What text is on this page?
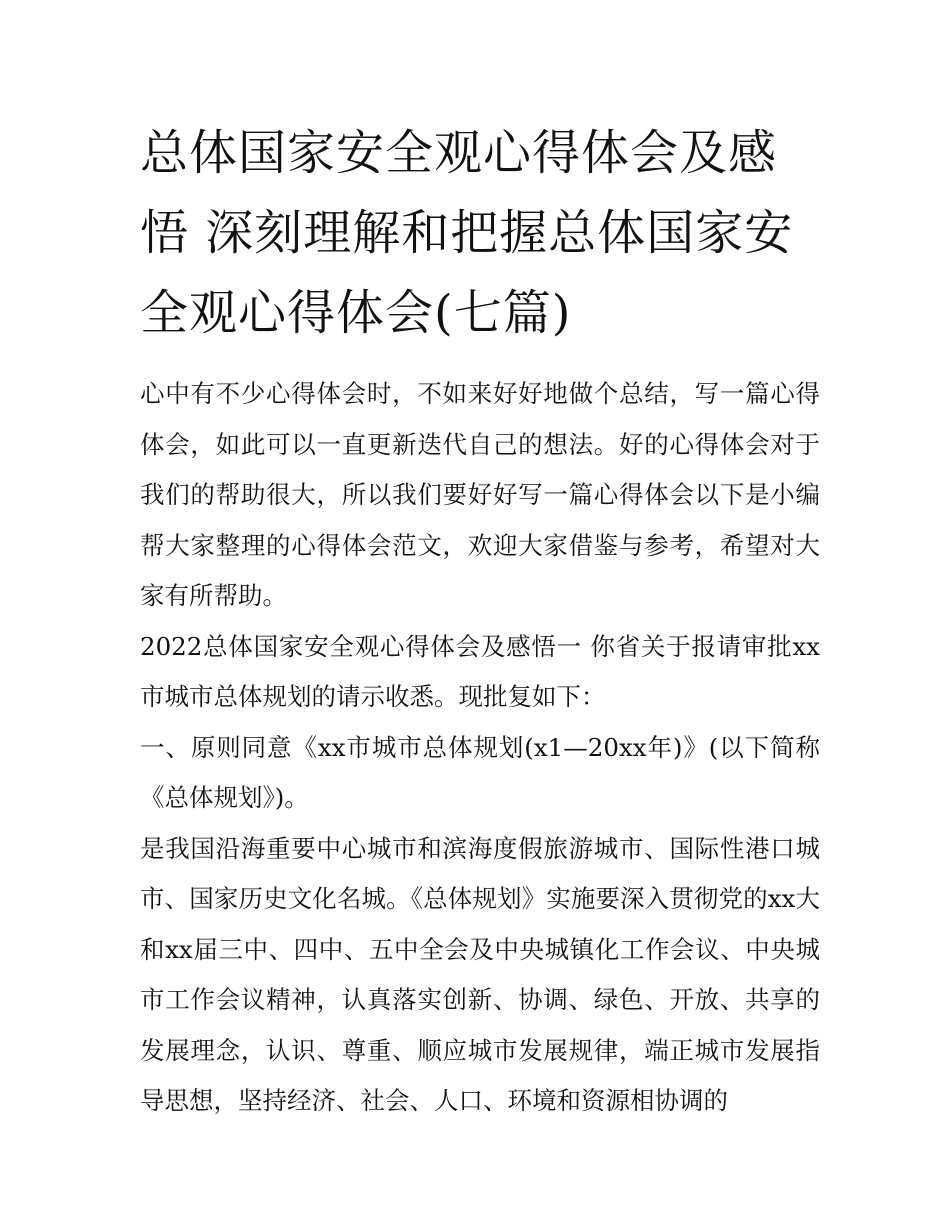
总体国家安全观心得体会及感悟 深刻理解和把握总体国家安全观心得体会(七篇)

心中有不少心得体会时，不如来好好地做个总结，写一篇心得体会，如此可以一直更新迭代自己的想法。好的心得体会对于我们的帮助很大，所以我们要好好写一篇心得体会以下是小编帮大家整理的心得体会范文，欢迎大家借鉴与参考，希望对大家有所帮助。

2022总体国家安全观心得体会及感悟一 你省关于报请审批xx市城市总体规划的请示收悉。现批复如下：

一、原则同意《xx市城市总体规划(x1—20xx年)》(以下简称《总体规划》)。

是我国沿海重要中心城市和滨海度假旅游城市、国际性港口城市、国家历史文化名城。《总体规划》实施要深入贯彻党的xx大和xx届三中、四中、五中全会及中央城镇化工作会议、中央城市工作会议精神，认真落实创新、协调、绿色、开放、共享的发展理念，认识、尊重、顺应城市发展规律，端正城市发展指导思想，坚持经济、社会、人口、环境和资源相协调的
